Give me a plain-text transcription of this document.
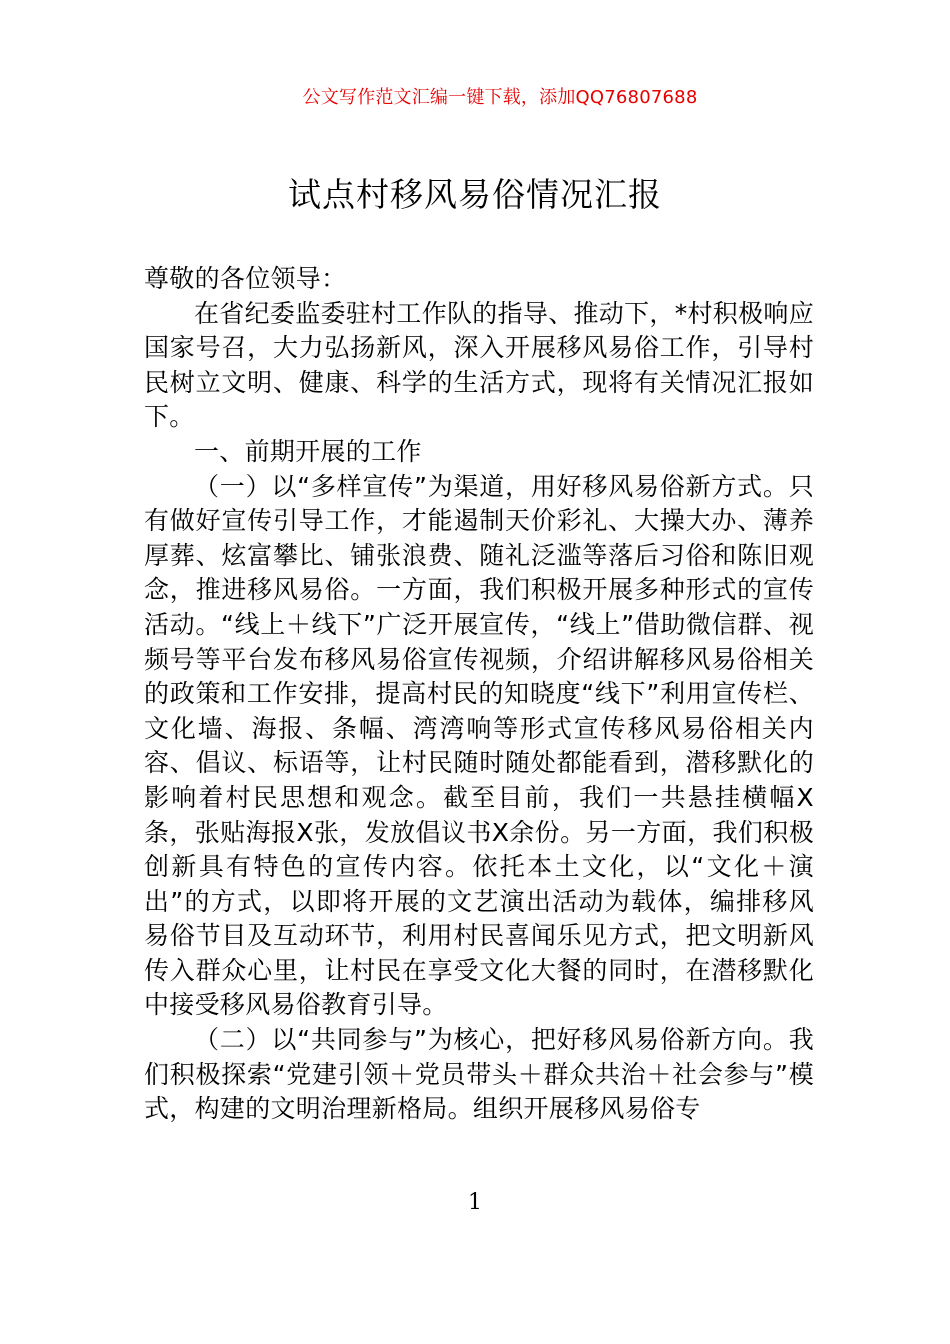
公文写作范文汇编一键下载，添加QQ76807688
试点村移风易俗情况汇报

尊敬的各位领导：

在省纪委监委驻村工作队的指导、推动下，*村积极响应国家号召，大力弘扬新风，深入开展移风易俗工作，引导村民树立文明、健康、科学的生活方式，现将有关情况汇报如下。

一、前期开展的工作

（一）以“多样宣传”为渠道，用好移风易俗新方式。只有做好宣传引导工作，才能遏制天价彩礼、大操大办、薄养厚葬、炫富攀比、铺张浪费、随礼泛滥等落后习俗和陈旧观念，推进移风易俗。一方面，我们积极开展多种形式的宣传活动。“线上＋线下”广泛开展宣传，“线上”借助微信群、视频号等平台发布移风易俗宣传视频，介绍讲解移风易俗相关的政策和工作安排，提高村民的知晓度“线下”利用宣传栏、文化墙、海报、条幅、湾湾响等形式宣传移风易俗相关内容、倡议、标语等，让村民随时随处都能看到，潜移默化的影响着村民思想和观念。截至目前，我们一共悬挂横幅X条，张贴海报X张，发放倡议书X余份。另一方面，我们积极创新具有特色的宣传内容。依托本土文化，以“文化＋演出”的方式，以即将开展的文艺演出活动为载体，编排移风易俗节目及互动环节，利用村民喜闻乐见方式，把文明新风传入群众心里，让村民在享受文化大餐的同时，在潜移默化中接受移风易俗教育引导。

（二）以“共同参与”为核心，把好移风易俗新方向。我们积极探索“党建引领＋党员带头＋群众共治＋社会参与”模式，构建的文明治理新格局。组织开展移风易俗专

1
